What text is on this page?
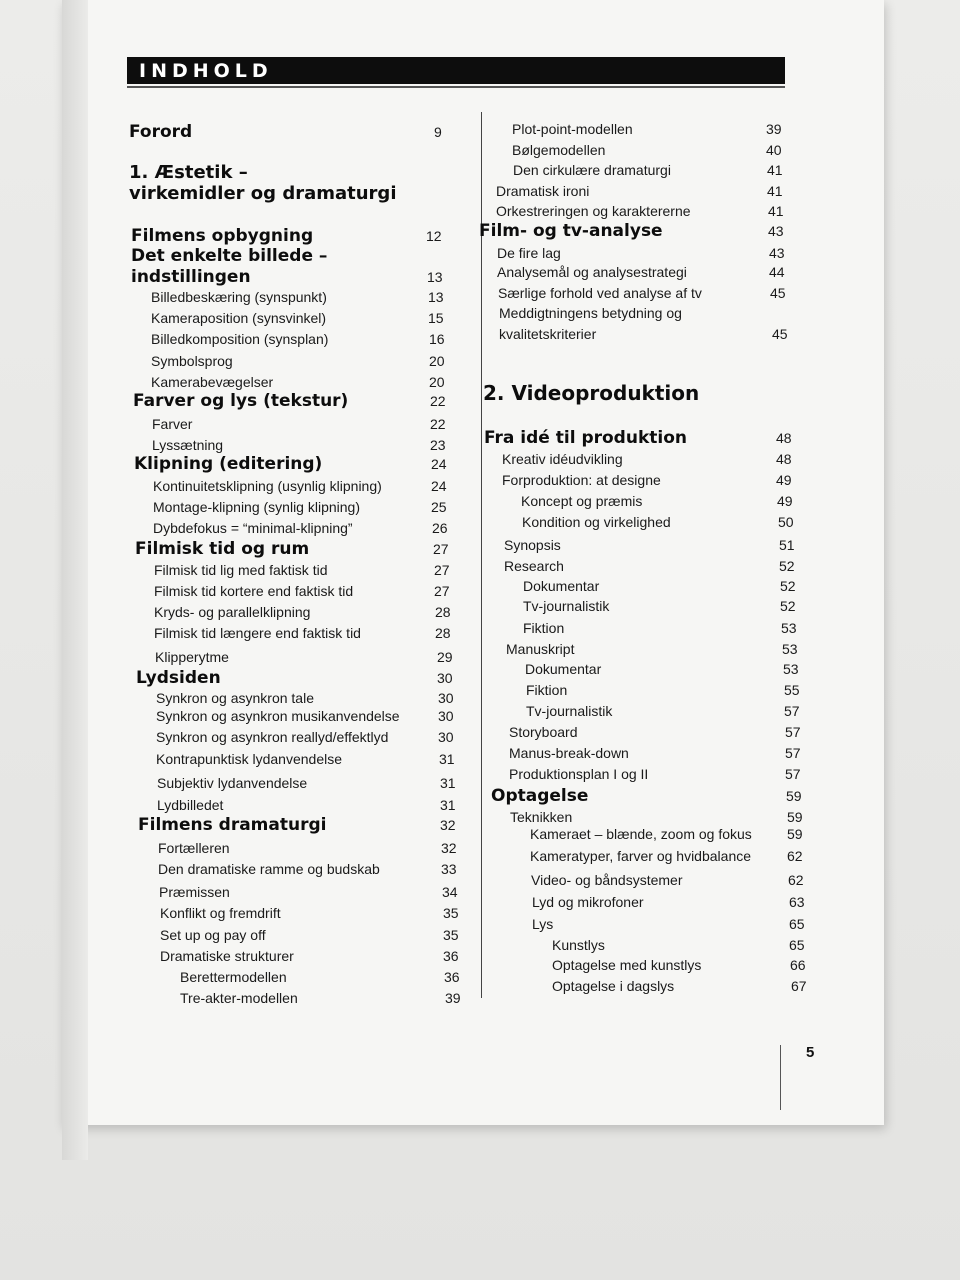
INDHOLD
Forord	9
1. Æstetik –
virkemidler og dramaturgi
Filmens opbygning	12
Det enkelte billede –
indstillingen	13
Billedbeskæring (synspunkt)	13
Kameraposition (synsvinkel)	15
Billedkomposition (synsplan)	16
Symbolsprog	20
Kamerabevægelser	20
Farver og lys (tekstur)	22
Farver	22
Lyssætning	23
Klipning (editering)	24
Kontinuitetsklipning (usynlig klipning)	24
Montage-klipning (synlig klipning)	25
Dybdefokus = “minimal-klipning”	26
Filmisk tid og rum	27
Filmisk tid lig med faktisk tid	27
Filmisk tid kortere end faktisk tid	27
Kryds- og parallelklipning	28
Filmisk tid længere end faktisk tid	28
Klipperytme	29
Lydsiden	30
Synkron og asynkron tale	30
Synkron og asynkron musikanvendelse	30
Synkron og asynkron reallyd/effektlyd	30
Kontrapunktisk lydanvendelse	31
Subjektiv lydanvendelse	31
Lydbilledet	31
Filmens dramaturgi	32
Fortælleren	32
Den dramatiske ramme og budskab	33
Præmissen	34
Konflikt og fremdrift	35
Set up og pay off	35
Dramatiske strukturer	36
Berettermodellen	36
Tre-akter-modellen	39
Plot-point-modellen	39
Bølgemodellen	40
Den cirkulære dramaturgi	41
Dramatisk ironi	41
Orkestreringen og karaktererne	41
Film- og tv-analyse	43
De fire lag	43
Analysemål og analysestrategi	44
Særlige forhold ved analyse af tv	45
Meddigtningens betydning og
kvalitetskriterier	45
2. Videoproduktion
Fra idé til produktion	48
Kreativ idéudvikling	48
Forproduktion: at designe	49
Koncept og præmis	49
Kondition og virkelighed	50
Synopsis	51
Research	52
Dokumentar	52
Tv-journalistik	52
Fiktion	53
Manuskript	53
Dokumentar	53
Fiktion	55
Tv-journalistik	57
Storyboard	57
Manus-break-down	57
Produktionsplan I og II	57
Optagelse	59
Teknikken	59
Kameraet – blænde, zoom og fokus	59
Kameratyper, farver og hvidbalance	62
Video- og båndsystemer	62
Lyd og mikrofoner	63
Lys	65
Kunstlys	65
Optagelse med kunstlys	66
Optagelse i dagslys	67
5
